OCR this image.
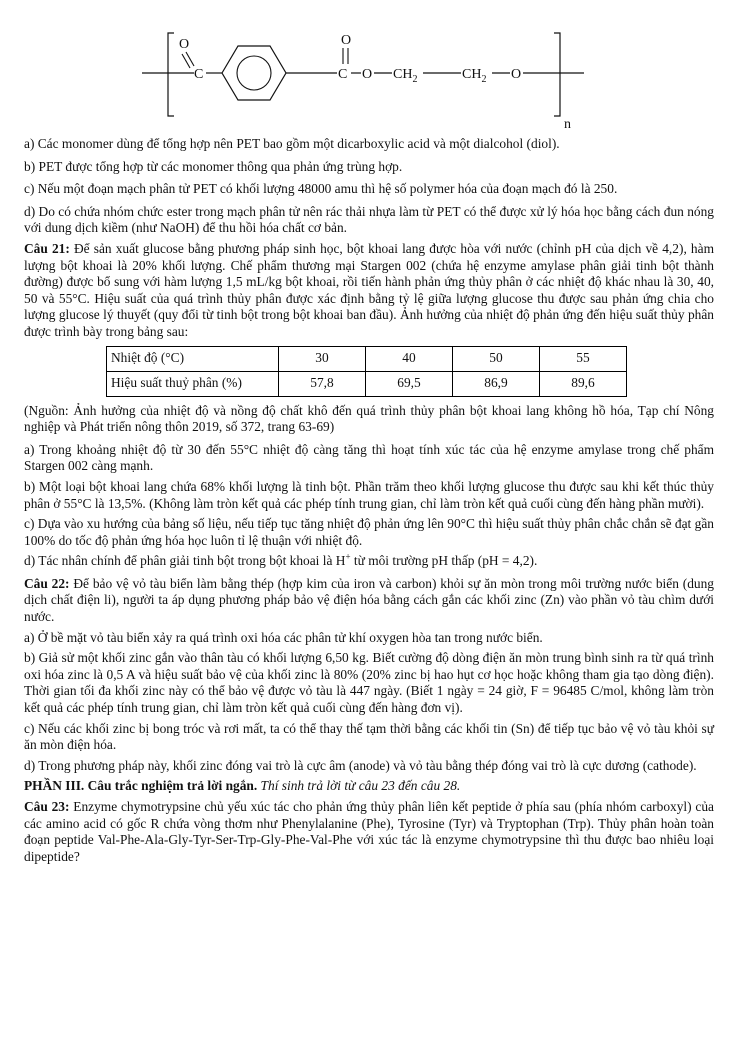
O
C
O
C O $CH_2$	$CH_2$ O
n

a) Các monomer dùng để tổng hợp nên PET bao gồm một dicarboxylic acid và một dialcohol (diol).

b) PET được tổng hợp từ các monomer thông qua phản ứng trùng hợp.

c) Nếu một đoạn mạch phân tử PET có khối lượng 48000 amu thì hệ số polymer hóa của đoạn mạch đó là 250.

d) Do có chứa nhóm chức ester trong mạch phân tử nên rác thải nhựa làm từ PET có thể được xử lý hóa học bằng cách đun nóng với dung dịch kiềm (như NaOH) để thu hồi hóa chất cơ bản.

Câu 21: Để sản xuất glucose bằng phương pháp sinh học, bột khoai lang được hòa với nước (chỉnh pH của dịch về 4,2), hàm lượng bột khoai là 20% khối lượng. Chế phẩm thương mại Stargen 002 (chứa hệ enzyme amylase phân giải tinh bột thành đường) được bổ sung với hàm lượng 1,5 mL/kg bột khoai, rồi tiến hành phản ứng thủy phân ở các nhiệt độ khác nhau là 30, 40, 50 và 55°C. Hiệu suất của quá trình thủy phân được xác định bằng tỷ lệ giữa lượng glucose thu được sau phản ứng chia cho lượng glucose lý thuyết (quy đổi từ tinh bột trong bột khoai ban đầu). Ảnh hưởng của nhiệt độ phản ứng đến hiệu suất thủy phân được trình bày trong bảng sau:

Nhiệt độ (°C)	30	40	50	55
Hiệu suất thuỷ phân (%)	57,8	69,5	86,9	89,6

(Nguồn: Ảnh hưởng của nhiệt độ và nồng độ chất khô đến quá trình thủy phân bột khoai lang không hồ hóa, Tạp chí Nông nghiệp và Phát triển nông thôn 2019, số 372, trang 63-69)

a) Trong khoảng nhiệt độ từ 30 đến 55°C nhiệt độ càng tăng thì hoạt tính xúc tác của hệ enzyme amylase trong chế phẩm Stargen 002 càng mạnh.

b) Một loại bột khoai lang chứa 68% khối lượng là tinh bột. Phần trăm theo khối lượng glucose thu được sau khi kết thúc thủy phân ở 55°C là 13,5%. (Không làm tròn kết quả các phép tính trung gian, chỉ làm tròn kết quả cuối cùng đến hàng phần mười).

c) Dựa vào xu hướng của bảng số liệu, nếu tiếp tục tăng nhiệt độ phản ứng lên 90°C thì hiệu suất thủy phân chắc chắn sẽ đạt gần 100% do tốc độ phản ứng hóa học luôn tỉ lệ thuận với nhiệt độ.

d) Tác nhân chính để phân giải tinh bột trong bột khoai là H+ từ môi trường pH thấp (pH = 4,2).

Câu 22: Để bảo vệ vỏ tàu biển làm bằng thép (hợp kim của iron và carbon) khỏi sự ăn mòn trong môi trường nước biển (dung dịch chất điện li), người ta áp dụng phương pháp bảo vệ điện hóa bằng cách gắn các khối zinc (Zn) vào phần vỏ tàu chìm dưới nước.

a) Ở bề mặt vỏ tàu biển xảy ra quá trình oxi hóa các phân tử khí oxygen hòa tan trong nước biển.

b) Giả sử một khối zinc gắn vào thân tàu có khối lượng 6,50 kg. Biết cường độ dòng điện ăn mòn trung bình sinh ra từ quá trình oxi hóa zinc là 0,5 A và hiệu suất bảo vệ của khối zinc là 80% (20% zinc bị hao hụt cơ học hoặc không tham gia tạo dòng điện). Thời gian tối đa khối zinc này có thể bảo vệ được vỏ tàu là 447 ngày. (Biết 1 ngày = 24 giờ, F = 96485 C/mol, không làm tròn kết quả các phép tính trung gian, chỉ làm tròn kết quả cuối cùng đến hàng đơn vị).

c) Nếu các khối zinc bị bong tróc và rơi mất, ta có thể thay thế tạm thời bằng các khối tin (Sn) để tiếp tục bảo vệ vỏ tàu khỏi sự ăn mòn điện hóa.

d) Trong phương pháp này, khối zinc đóng vai trò là cực âm (anode) và vỏ tàu bằng thép đóng vai trò là cực dương (cathode).

PHẦN III. Câu trắc nghiệm trả lời ngắn. Thí sinh trả lời từ câu 23 đến câu 28.

Câu 23: Enzyme chymotrypsine chủ yếu xúc tác cho phản ứng thủy phân liên kết peptide ở phía sau (phía nhóm carboxyl) của các amino acid có gốc R chứa vòng thơm như Phenylalanine (Phe), Tyrosine (Tyr) và Tryptophan (Trp). Thủy phân hoàn toàn đoạn peptide Val-Phe-Ala-Gly-Tyr-Ser-Trp-Gly-Phe-Val-Phe với xúc tác là enzyme chymotrypsine thì thu được bao nhiêu loại dipeptide?
